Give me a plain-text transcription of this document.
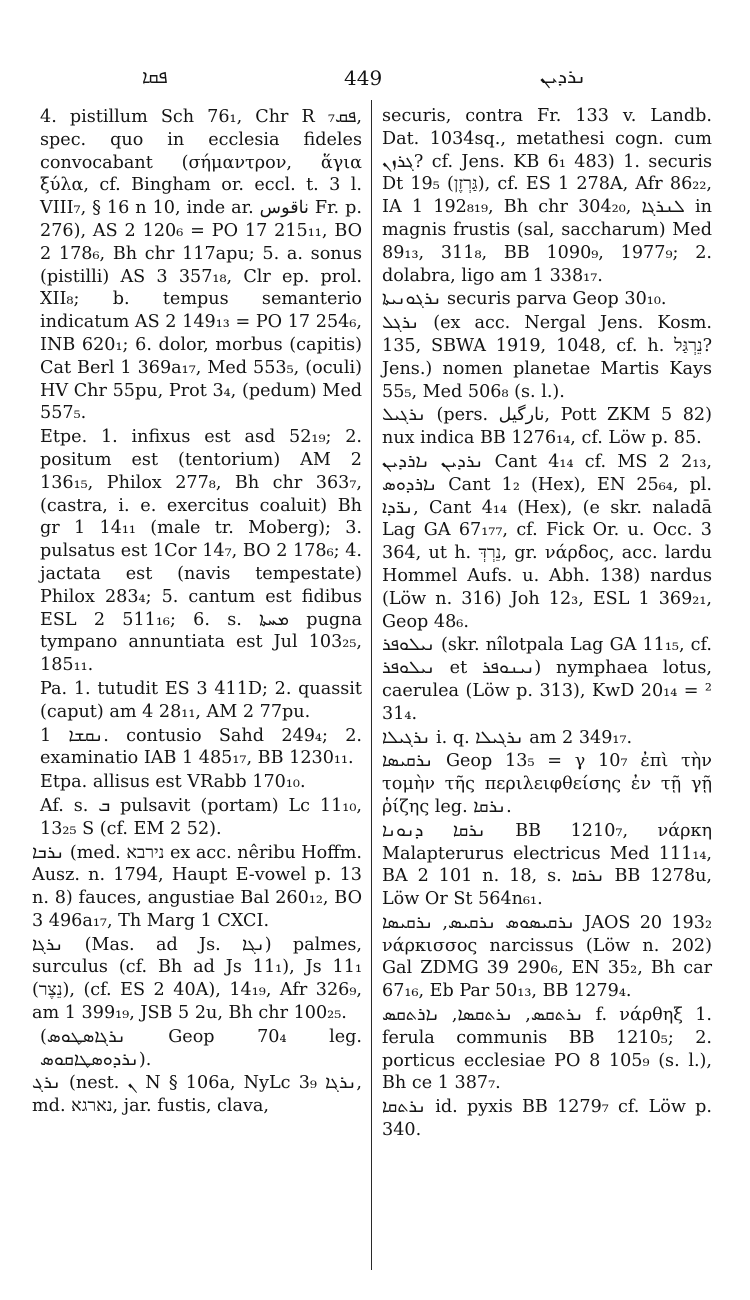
ܦܩܐ	449	ܢܪܕܝܢ

4. pistillum Sch 76₁, Chr R ܦܩ₇, spec. quo in ecclesia fideles convocabant (σήμαντρον, ἅγια ξύλα, cf. Bingham or. eccl. t. 3 l. VIII₇, § 16 n 10, inde ar. ناقوس Fr. p. 276), AS 2 120₆ = PO 17 215₁₁, BO 2 178₆, Bh chr 117apu; 5. a. sonus (pistilli) AS 3 357₁₈, Clr ep. prol. XII₈; b. tempus semanterio indicatum AS 2 149₁₃ = PO 17 254₆, INB 620₁; 6. dolor, morbus (capitis) Cat Berl 1 369a₁₇, Med 553₅, (oculi) HV Chr 55pu, Prot 3₄, (pedum) Med 557₅.

Etpe. 1. infixus est asd 52₁₉; 2. positum est (tentorium) AM 2 136₁₅, Philox 277₈, Bh chr 363₇, (castra, i. e. exercitus coaluit) Bh gr 1 14₁₁ (male tr. Moberg); 3. pulsatus est 1Cor 14₇, BO 2 178₆; 4. jactata est (navis tempestate) Philox 283₄; 5. cantum est fidibus ESL 2 511₁₆; 6. s. ܡܚܬܐ pugna tympano annuntiata est Jul 103₂₅, 185₁₁.

Pa. 1. tutudit ES 3 411D; 2. quassit (caput) am 4 28₁₁, AM 2 77pu.

ܢܩܫܐ 1. contusio Sahd 249₄; 2. examinatio IAB 1 485₁₇, BB 1230₁₁.

Etpa. allisus est VRabb 170₁₀.

Af. s. ܒ pulsavit (portam) Lc 11₁₀, 13₂₅ S (cf. EM 2 52).

ܢܪܒܐ (med. נירבא ex acc. nêribu Hoffm. Ausz. n. 1794, Haupt E-vowel p. 13 n. 8) fauces, angustiae Bal 260₁₂, BO 3 496a₁₇, Th Marg 1 CXCI.

ܢܪܓܐ (Mas. ad Js. ܢܓܐ) palmes, surculus (cf. Bh ad Js 11₁), Js 11₁ (נֵצֶר), (cf. ES 2 40A), 14₁₉, Afr 326₉, am 1 399₁₉, JSB 5 2u, Bh chr 100₂₅.

(ܢܪܓܐܣܛܘܣ Geop 70₄ leg. ܢܪܕܘܣܛܐܩܘܣ).

ܢܪܓ (nest. ܢ N § 106a, NyLc 3₉ ܢܪܓܐ, md. נארגא, jar. fustis, clava,

securis, contra Fr. 133 v. Landb. Dat. 1034sq., metathesi cogn. cum ܓܪܙܢ? cf. Jens. KB 6₁ 483) 1. securis Dt 19₅ (גַּרְזֶן), cf. ES 1 278A, Afr 86₂₂, IA 1 192₈₁₉, Bh chr 304₂₀, ܠܢܪܓܐ in magnis frustis (sal, saccharum) Med 89₁₃, 311₈, BB 1090₉, 1977₉; 2. dolabra, ligo am 1 338₁₇.

ܢܪܓܘܢܝܬܐ securis parva Geop 30₁₀.

ܢܪܓܠ (ex acc. Nergal Jens. Kosm. 135, SBWA 1919, 1048, cf. h. נֵרְגַּל? Jens.) nomen planetae Martis Kays 55₅, Med 506₈ (s. l.).

ܢܪܓܝܠ (pers. نارگیل, Pott ZKM 5 82) nux indica BB 1276₁₄, cf. Löw p. 85.

ܢܪܕܝܢ ܢܐܪܕܝܢ Cant 4₁₄ cf. MS 2 2₁₃, ܢܐܪܕܘܣ Cant 1₂ (Hex), EN 25₆₄, pl. ܢܪ̈ܕܐ, Cant 4₁₄ (Hex), (e skr. naladā Lag GA 67₁₇₇, cf. Fick Or. u. Occ. 3 364, ut h. נֵרְדְּ, gr. νάρδος, acc. lardu Hommel Aufs. u. Abh. 138) nardus (Löw n. 316) Joh 12₃, ESL 1 369₂₁, Geop 48₆.

ܢܝܠܘܦܪ (skr. nîlotpala Lag GA 11₁₅, cf. ܢܝܠܘܦܪ et ܢܝܢܘܦܪ) nymphaea lotus, caerulea (Löw p. 313), KwD 20₁₄ = ² 31₄.

ܢܪܓܝܠܐ i. q. ܢܪܓܝܠܐ am 2 349₁₇.

ܢܪܩܝܣܐ Geop 13₅ = γ 10₇ ἐπὶ τὴν τομὴν τῆς περιλειφθείσης ἐν τῇ γῇ ῥίζης leg. ܢܪܩܐ.

ܢܪܩܐ ܕܢܘܢܐ BB 1210₇, νάρκη Malapterurus electricus Med 111₁₄, BA 2 101 n. 18, s. ܢܪܩܐ BB 1278u, Löw Or St 564n₆₁.

ܢܪܩܝܣܘܣ ܢܪܩܝܣ, ܢܪܩܝܣܐ JAOS 20 193₂ νάρκισσος narcissus (Löw n. 202) Gal ZDMG 39 290₆, EN 35₂, Bh car 67₁₆, Eb Par 50₁₃, BB 1279₄.

ܢܪܬܩܣ, ܢܪܬܩܣܐ, ܢܐܪܬܩܣ f. νάρθηξ 1. ferula communis BB 1210₅; 2. porticus ecclesiae PO 8 105₉ (s. l.), Bh ce 1 387₇.

ܢܪܬܩܐ id. pyxis BB 1279₇ cf. Löw p. 340.
